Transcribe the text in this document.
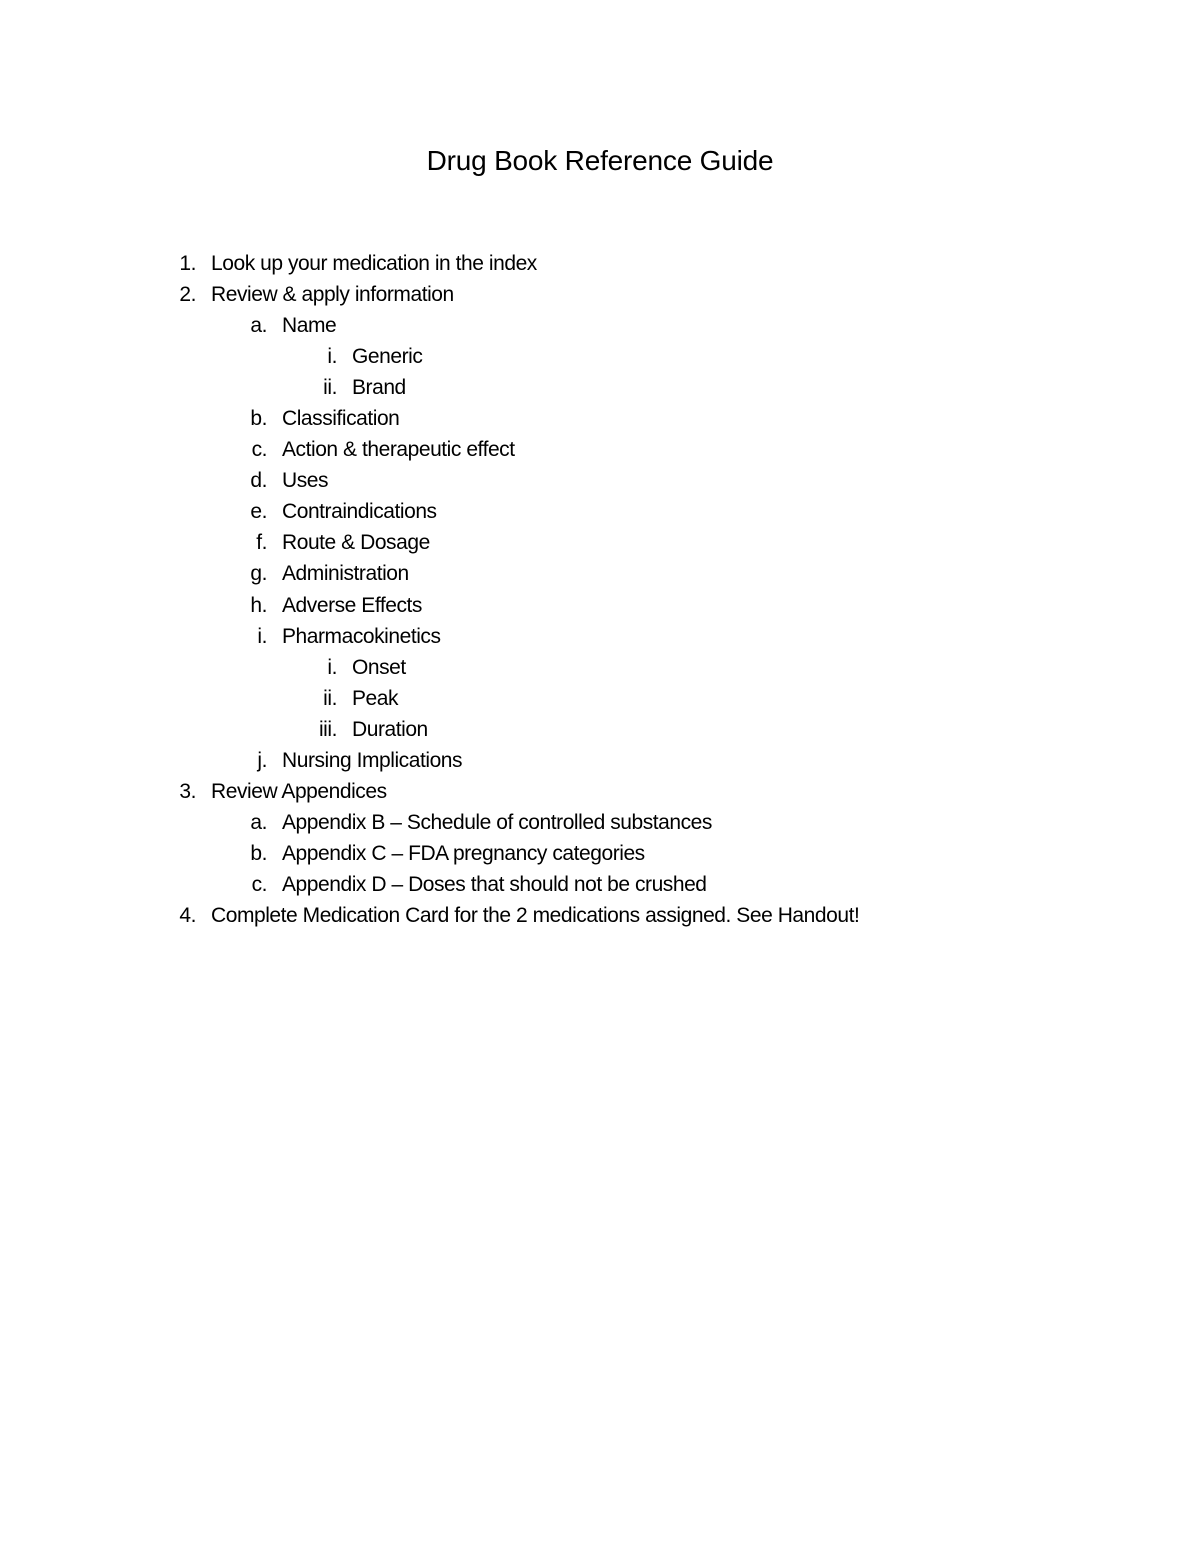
Drug Book Reference Guide
1. Look up your medication in the index
2. Review & apply information
a. Name
i. Generic
ii. Brand
b. Classification
c. Action & therapeutic effect
d. Uses
e. Contraindications
f. Route & Dosage
g. Administration
h. Adverse Effects
i. Pharmacokinetics
i. Onset
ii. Peak
iii. Duration
j. Nursing Implications
3. Review Appendices
a. Appendix B – Schedule of controlled substances
b. Appendix C – FDA pregnancy categories
c. Appendix D – Doses that should not be crushed
4. Complete Medication Card for the 2 medications assigned. See Handout!
